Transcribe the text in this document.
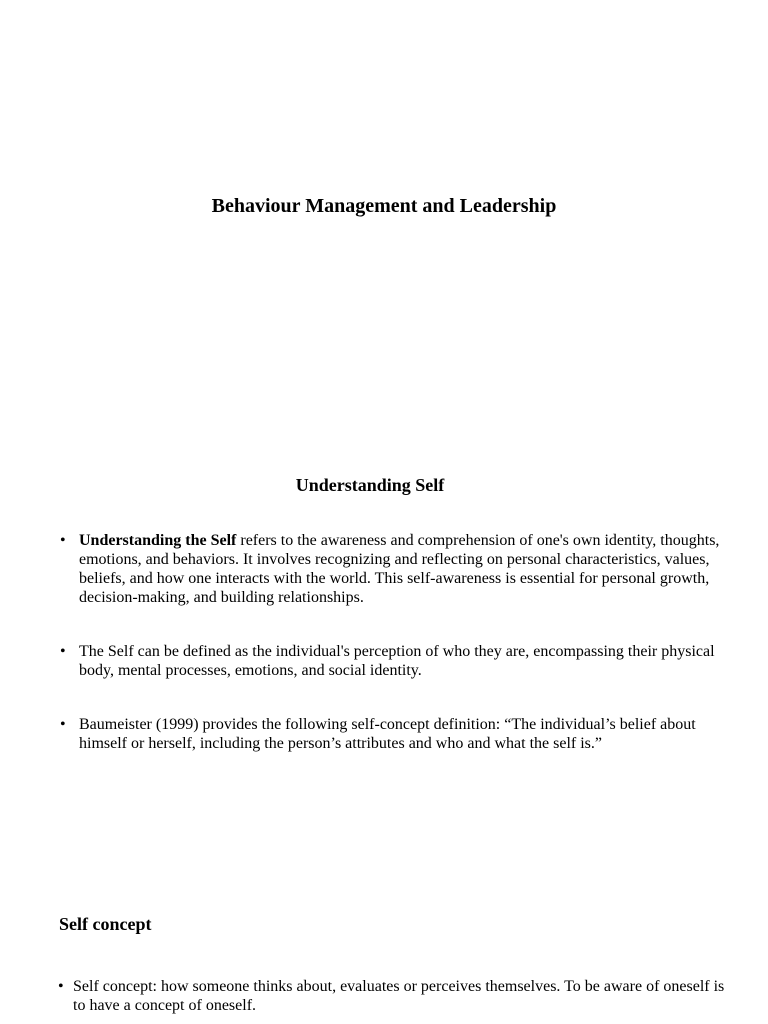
Behaviour Management and Leadership
Understanding Self
• Understanding the Self refers to the awareness and comprehension of one's own identity, thoughts, emotions, and behaviors. It involves recognizing and reflecting on personal characteristics, values, beliefs, and how one interacts with the world. This self-awareness is essential for personal growth, decision-making, and building relationships.
• The Self can be defined as the individual's perception of who they are, encompassing their physical body, mental processes, emotions, and social identity.
• Baumeister (1999) provides the following self-concept definition: “The individual’s belief about himself or herself, including the person’s attributes and who and what the self is.”
Self concept
• Self concept: how someone thinks about, evaluates or perceives themselves. To be aware of oneself is to have a concept of oneself.
